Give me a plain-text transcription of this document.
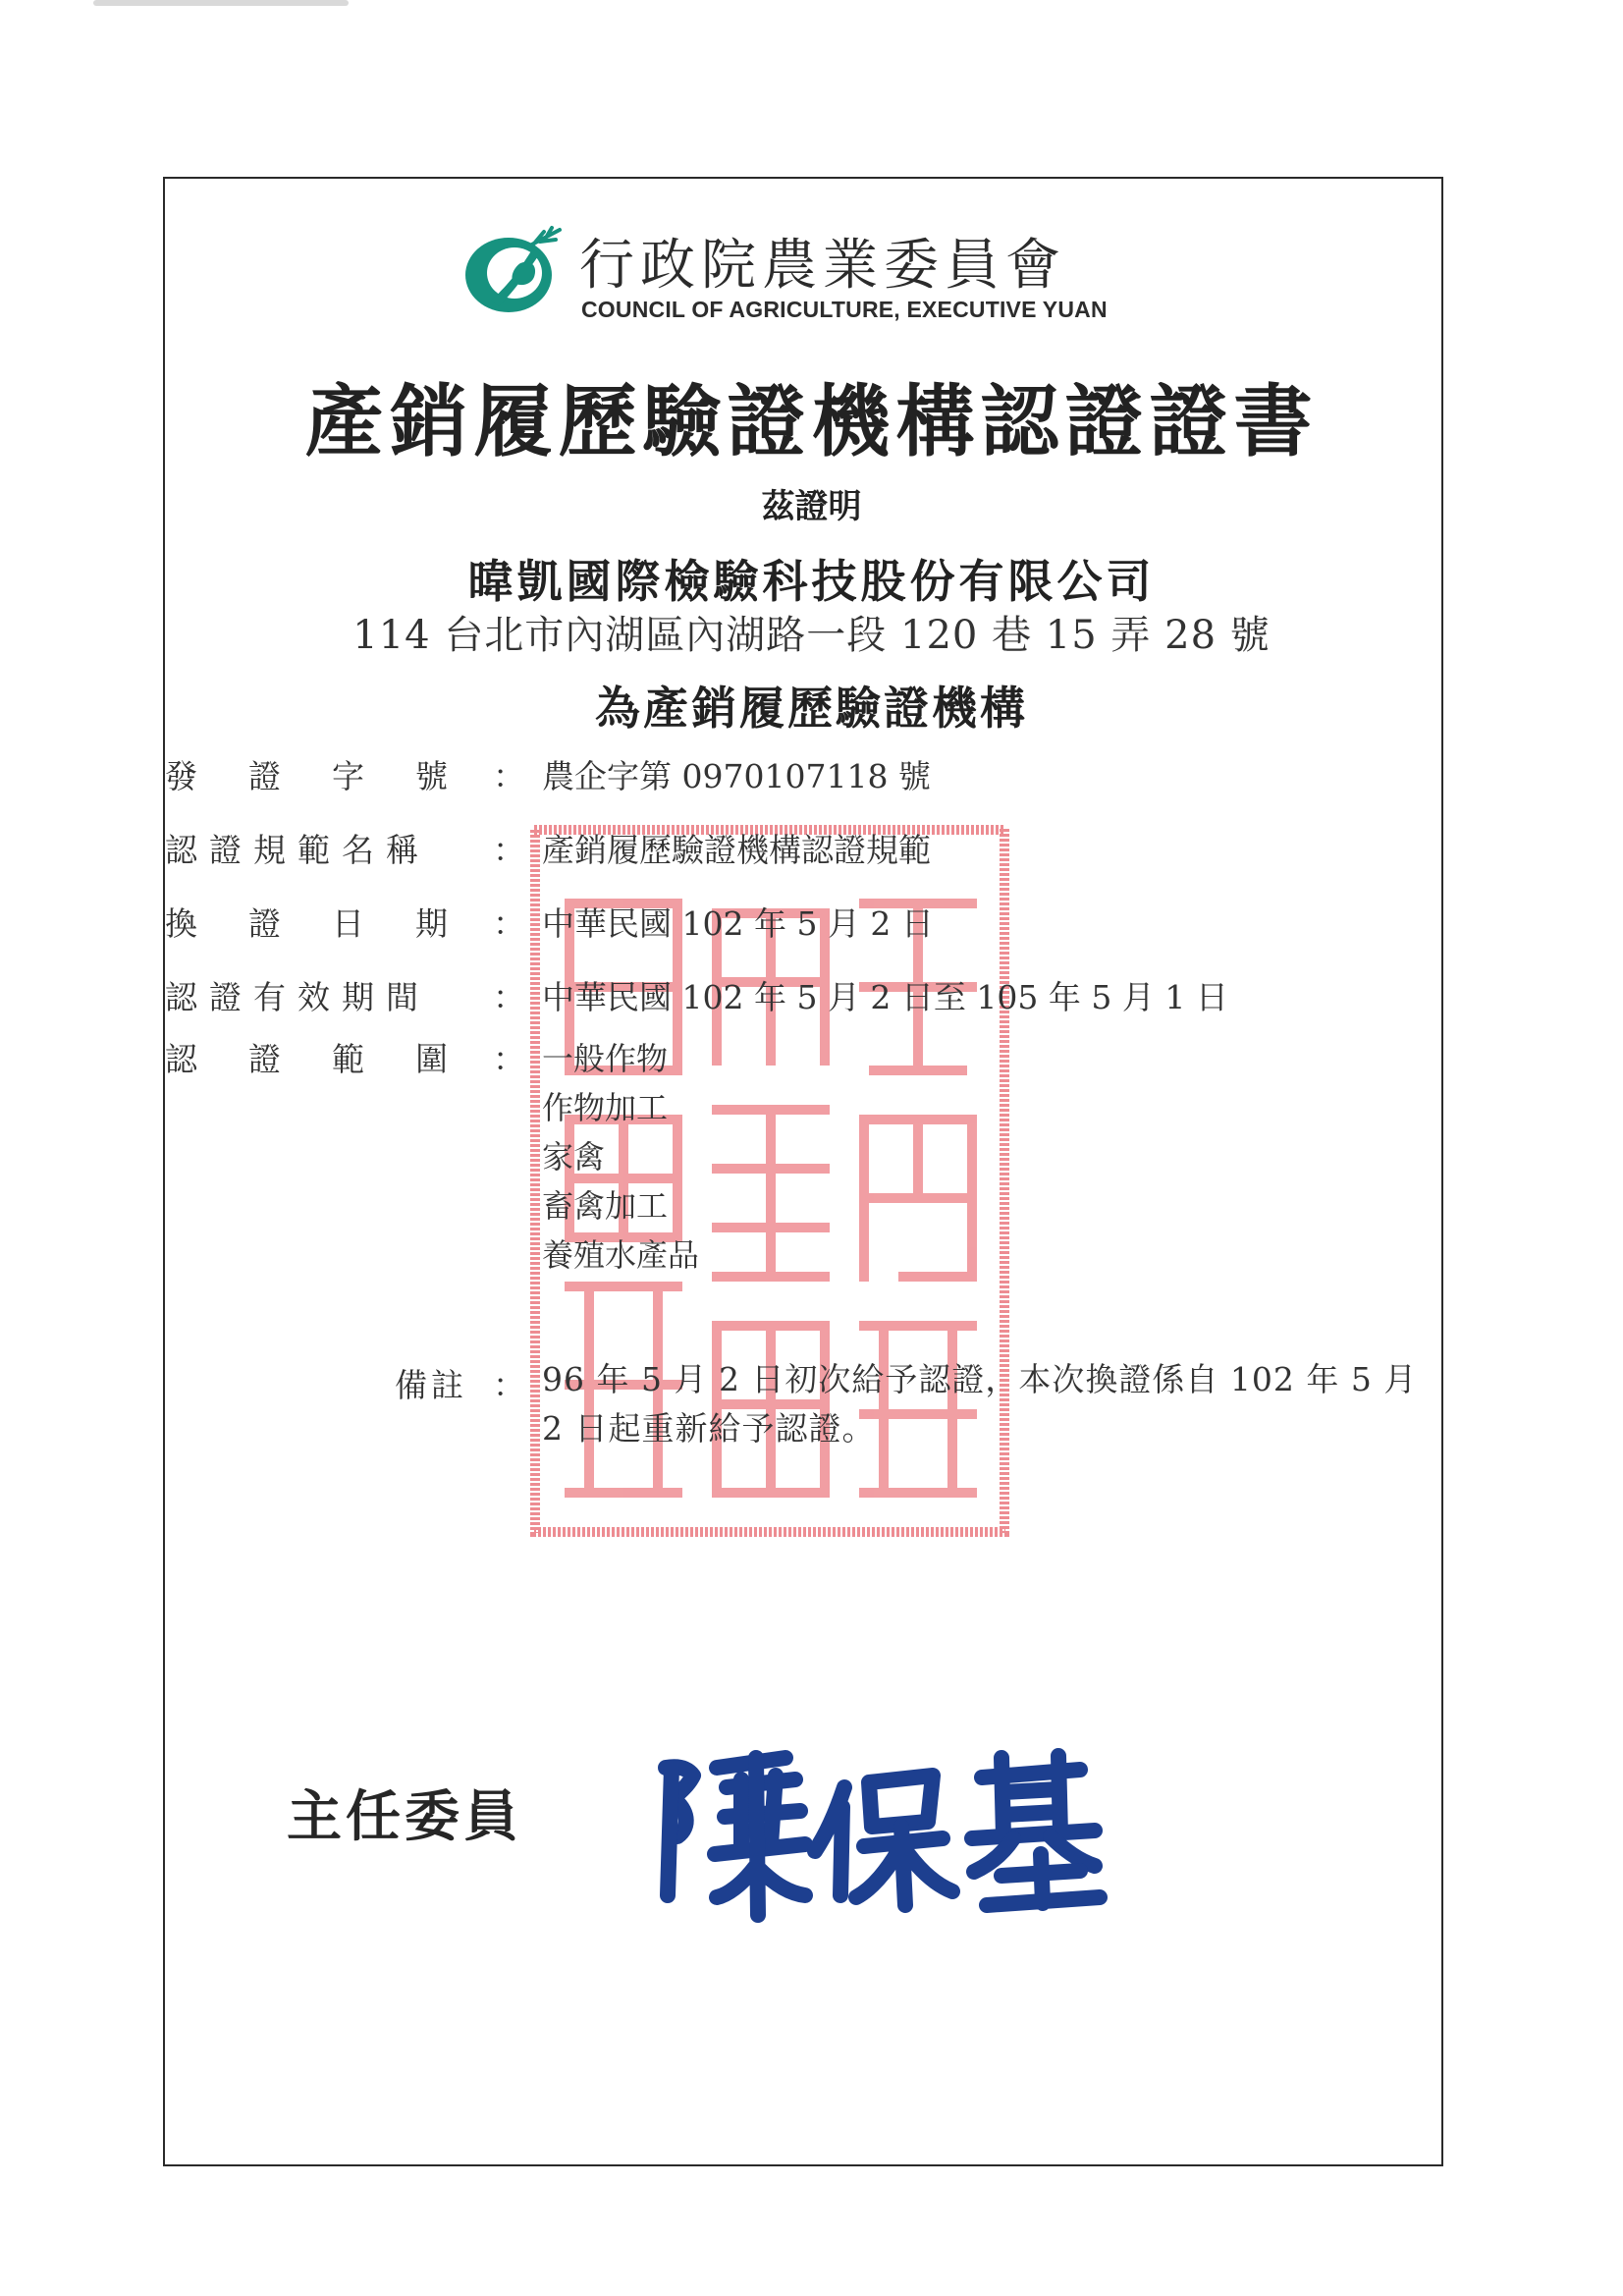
行政院農業委員會
COUNCIL OF AGRICULTURE, EXECUTIVE YUAN
產銷履歷驗證機構認證證書
茲證明
暐凱國際檢驗科技股份有限公司
114 台北市內湖區內湖路一段 120 巷 15 弄 28 號
為產銷履歷驗證機構
發證字號
： 農企字第 0970107118 號
認證規範名稱 ： 產銷履歷驗證機構認證規範
換證日期
： 中華民國 102 年 5 月 2 日
認證有效期間 ： 中華民國 102 年 5 月 2 日至 105 年 5 月 1 日
認證範圍
： 一般作物
作物加工
家禽
畜禽加工
養殖水產品
備註 ： 96 年 5 月 2 日初次給予認證，本次換證係自 102 年 5 月 2 日起重新給予認證。
主任委員
